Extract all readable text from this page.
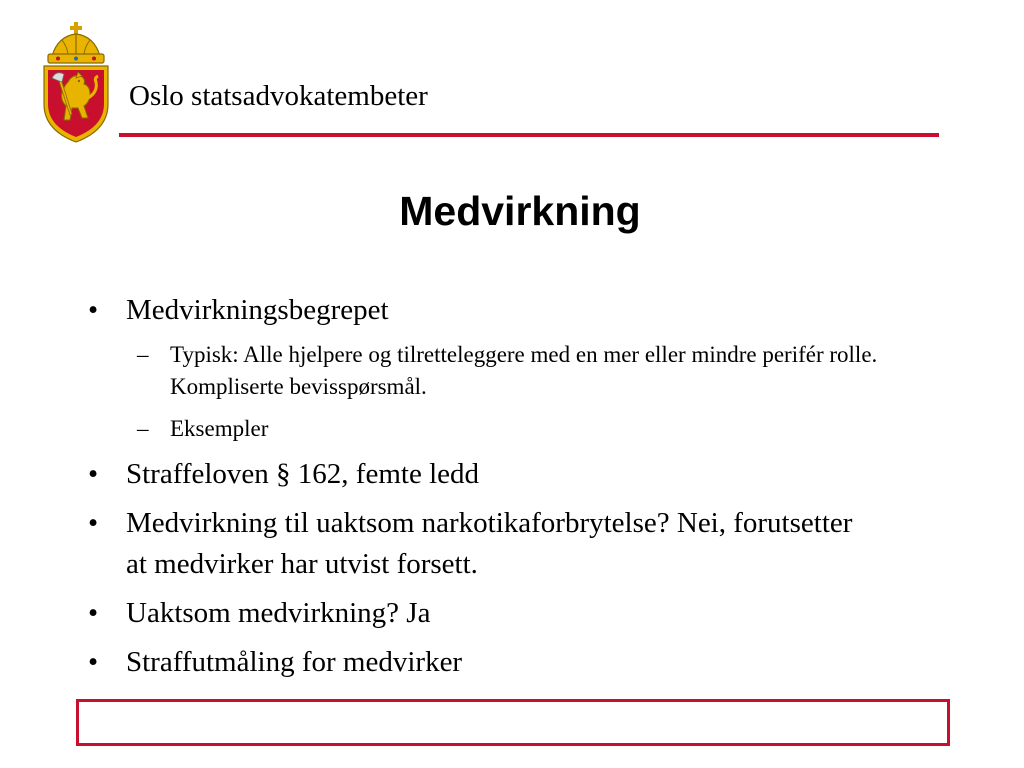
Oslo statsadvokatembeter
Medvirkning
• Medvirkningsbegrepet
– Typisk: Alle hjelpere og tilretteleggere med en mer eller mindre perifér rolle. Kompliserte bevisspørsmål.
– Eksempler
• Straffeloven § 162, femte ledd
• Medvirkning til uaktsom narkotikaforbrytelse? Nei, forutsetter at medvirker har utvist forsett.
• Uaktsom medvirkning? Ja
• Straffutmåling for medvirker
